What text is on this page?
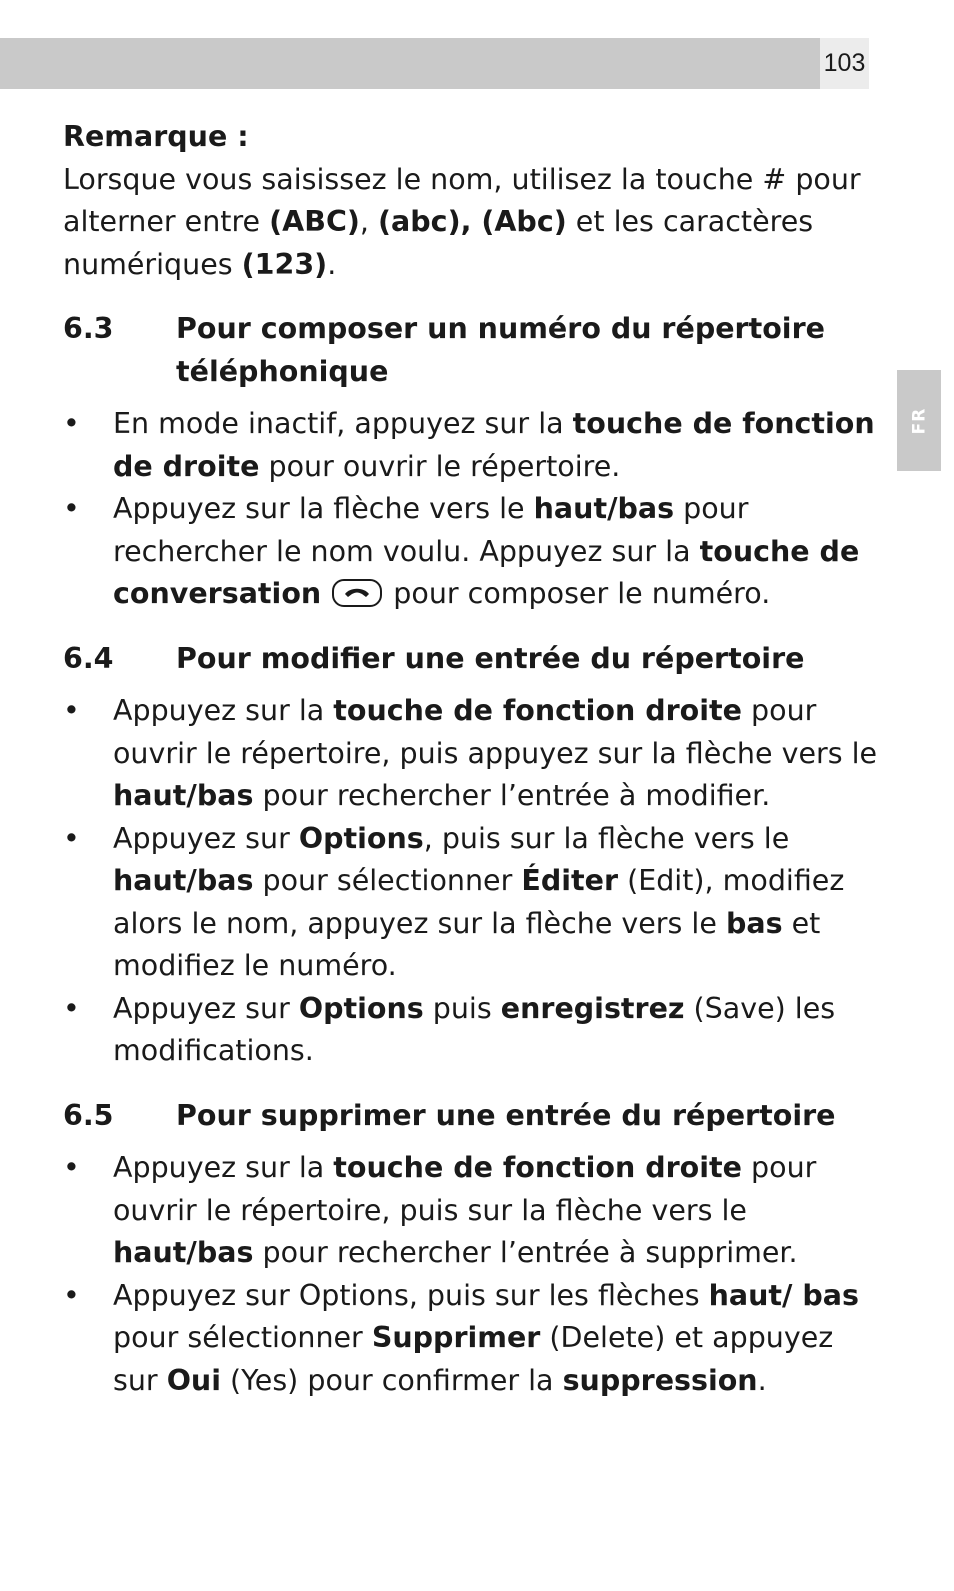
103
FR

Remarque :

Lorsque vous saisissez le nom, utilisez la touche # pour alterner entre (ABC), (abc), (Abc) et les caractères numériques (123).

6.3	Pour composer un numéro du répertoire téléphonique
• En mode inactif, appuyez sur la touche de fonction de droite pour ouvrir le répertoire.
• Appuyez sur la flèche vers le haut/bas pour rechercher le nom voulu. Appuyez sur la touche de conversation
pour composer le numéro.
6.4	Pour modifier une entrée du répertoire
• Appuyez sur la touche de fonction droite pour ouvrir le répertoire, puis appuyez sur la flèche vers le haut/bas pour rechercher l’entrée à modifier.
• Appuyez sur Options, puis sur la flèche vers le haut/bas pour sélectionner Éditer (Edit), modifiez alors le nom, appuyez sur la flèche vers le bas et modifiez le numéro.
• Appuyez sur Options puis enregistrez (Save) les modifications.
6.5	Pour supprimer une entrée du répertoire
• Appuyez sur la touche de fonction droite pour ouvrir le répertoire, puis sur la flèche vers le haut/bas pour rechercher l’entrée à supprimer.
• Appuyez sur Options, puis sur les flèches haut/ bas pour sélectionner Supprimer (Delete) et appuyez sur Oui (Yes) pour confirmer la suppression.
